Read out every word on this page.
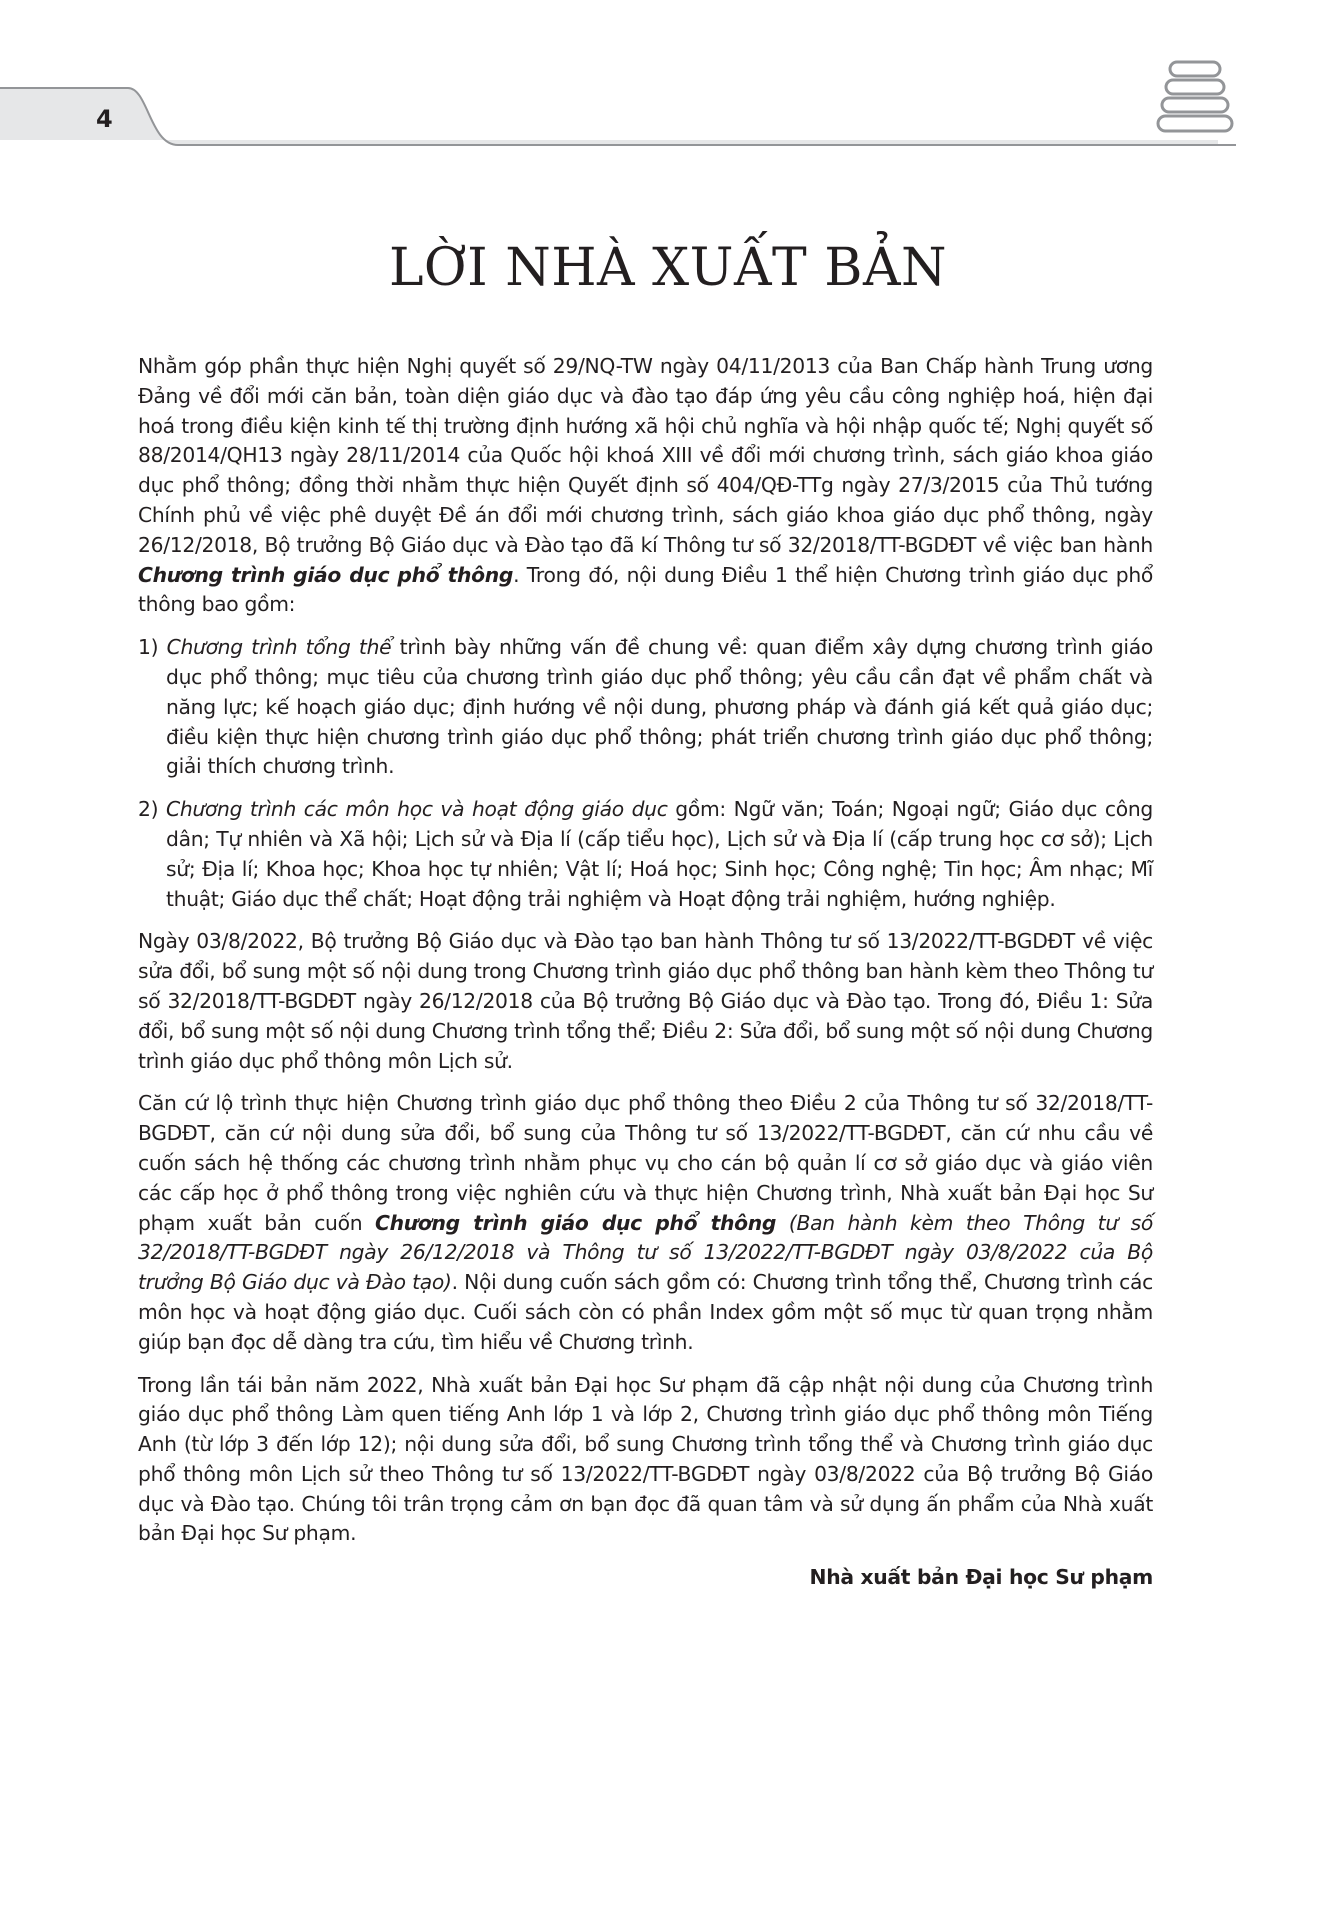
4
LỜI NHÀ XUẤT BẢN

Nhằm góp phần thực hiện Nghị quyết số 29/NQ-TW ngày 04/11/2013 của Ban Chấp hành Trung ương Đảng về đổi mới căn bản, toàn diện giáo dục và đào tạo đáp ứng yêu cầu công nghiệp hoá, hiện đại hoá trong điều kiện kinh tế thị trường định hướng xã hội chủ nghĩa và hội nhập quốc tế; Nghị quyết số 88/2014/QH13 ngày 28/11/2014 của Quốc hội khoá XIII về đổi mới chương trình, sách giáo khoa giáo dục phổ thông; đồng thời nhằm thực hiện Quyết định số 404/QĐ-TTg ngày 27/3/2015 của Thủ tướng Chính phủ về việc phê duyệt Đề án đổi mới chương trình, sách giáo khoa giáo dục phổ thông, ngày 26/12/2018, Bộ trưởng Bộ Giáo dục và Đào tạo đã kí Thông tư số 32/2018/TT-BGDĐT về việc ban hành Chương trình giáo dục phổ thông. Trong đó, nội dung Điều 1 thể hiện Chương trình giáo dục phổ thông bao gồm:

1) Chương trình tổng thể trình bày những vấn đề chung về: quan điểm xây dựng chương trình giáo dục phổ thông; mục tiêu của chương trình giáo dục phổ thông; yêu cầu cần đạt về phẩm chất và năng lực; kế hoạch giáo dục; định hướng về nội dung, phương pháp và đánh giá kết quả giáo dục; điều kiện thực hiện chương trình giáo dục phổ thông; phát triển chương trình giáo dục phổ thông; giải thích chương trình.
2) Chương trình các môn học và hoạt động giáo dục gồm: Ngữ văn; Toán; Ngoại ngữ; Giáo dục công dân; Tự nhiên và Xã hội; Lịch sử và Địa lí (cấp tiểu học), Lịch sử và Địa lí (cấp trung học cơ sở); Lịch sử; Địa lí; Khoa học; Khoa học tự nhiên; Vật lí; Hoá học; Sinh học; Công nghệ; Tin học; Âm nhạc; Mĩ thuật; Giáo dục thể chất; Hoạt động trải nghiệm và Hoạt động trải nghiệm, hướng nghiệp.

Ngày 03/8/2022, Bộ trưởng Bộ Giáo dục và Đào tạo ban hành Thông tư số 13/2022/TT-BGDĐT về việc sửa đổi, bổ sung một số nội dung trong Chương trình giáo dục phổ thông ban hành kèm theo Thông tư số 32/2018/TT-BGDĐT ngày 26/12/2018 của Bộ trưởng Bộ Giáo dục và Đào tạo. Trong đó, Điều 1: Sửa đổi, bổ sung một số nội dung Chương trình tổng thể; Điều 2: Sửa đổi, bổ sung một số nội dung Chương trình giáo dục phổ thông môn Lịch sử.

Căn cứ lộ trình thực hiện Chương trình giáo dục phổ thông theo Điều 2 của Thông tư số 32/2018/TT-BGDĐT, căn cứ nội dung sửa đổi, bổ sung của Thông tư số 13/2022/TT-BGDĐT, căn cứ nhu cầu về cuốn sách hệ thống các chương trình nhằm phục vụ cho cán bộ quản lí cơ sở giáo dục và giáo viên các cấp học ở phổ thông trong việc nghiên cứu và thực hiện Chương trình, Nhà xuất bản Đại học Sư phạm xuất bản cuốn Chương trình giáo dục phổ thông (Ban hành kèm theo Thông tư số 32/2018/TT-BGDĐT ngày 26/12/2018 và Thông tư số 13/2022/TT-BGDĐT ngày 03/8/2022 của Bộ trưởng Bộ Giáo dục và Đào tạo). Nội dung cuốn sách gồm có: Chương trình tổng thể, Chương trình các môn học và hoạt động giáo dục. Cuối sách còn có phần Index gồm một số mục từ quan trọng nhằm giúp bạn đọc dễ dàng tra cứu, tìm hiểu về Chương trình.

Trong lần tái bản năm 2022, Nhà xuất bản Đại học Sư phạm đã cập nhật nội dung của Chương trình giáo dục phổ thông Làm quen tiếng Anh lớp 1 và lớp 2, Chương trình giáo dục phổ thông môn Tiếng Anh (từ lớp 3 đến lớp 12); nội dung sửa đổi, bổ sung Chương trình tổng thể và Chương trình giáo dục phổ thông môn Lịch sử theo Thông tư số 13/2022/TT-BGDĐT ngày 03/8/2022 của Bộ trưởng Bộ Giáo dục và Đào tạo. Chúng tôi trân trọng cảm ơn bạn đọc đã quan tâm và sử dụng ấn phẩm của Nhà xuất bản Đại học Sư phạm.

Nhà xuất bản Đại học Sư phạm
